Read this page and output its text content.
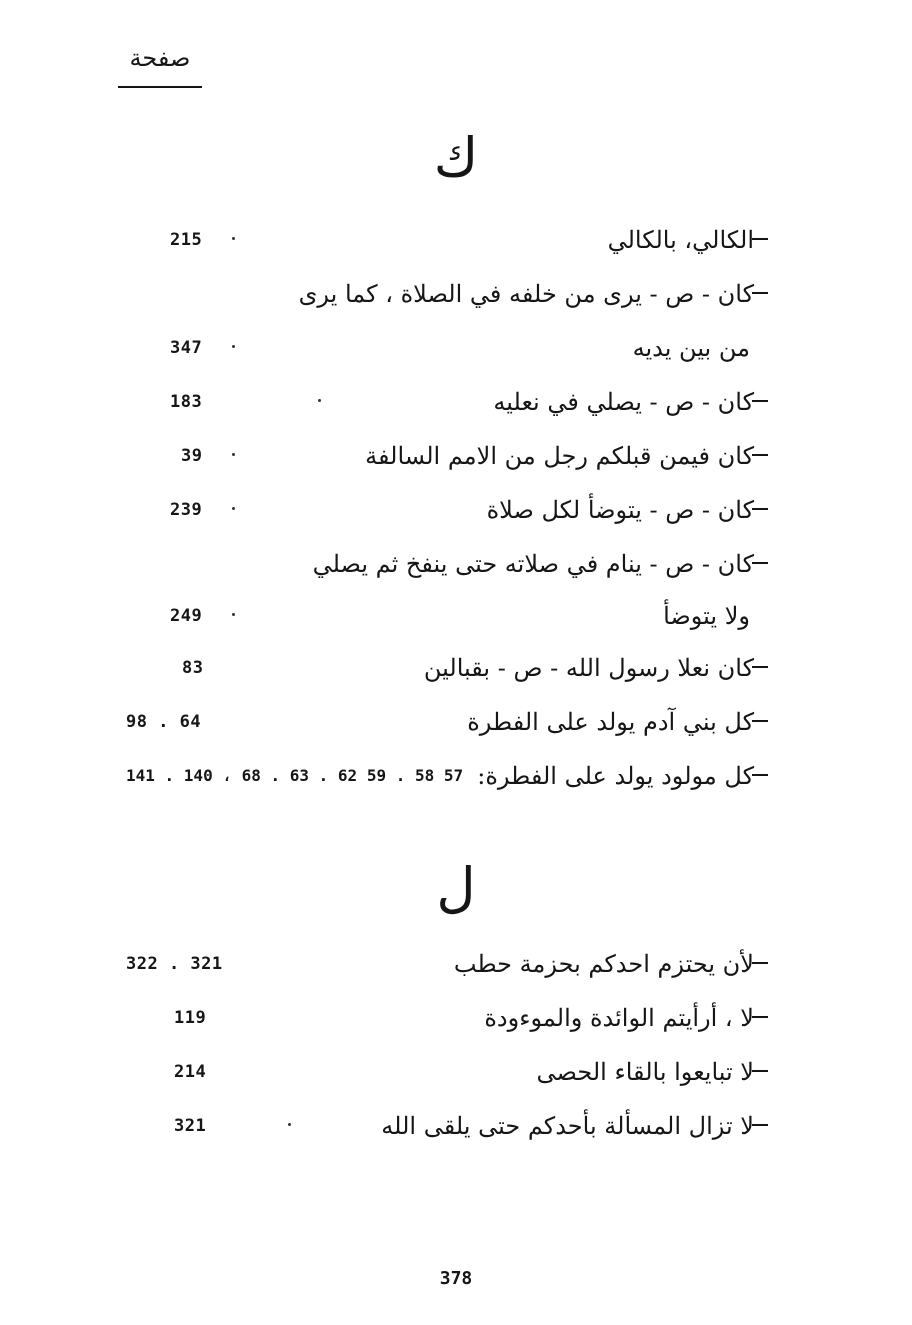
صفحة
ك
الكالي، بالكالي
215
كان - ص - يرى من خلفه في الصلاة ، كما يرى
من بين يديه
347
كان - ص - يصلي في نعليه
183
كان فيمن قبلكم رجل من الامم السالفة
39
كان - ص - يتوضأ لكل صلاة
239
كان - ص - ينام في صلاته حتى ينفخ ثم يصلي
ولا يتوضأ
249
كان نعلا رسول الله - ص - بقبالين
83
كل بني آدم يولد على الفطرة
98 . 64
كل مولود يولد على الفطرة:
141 . 140 ، 68 . 63 . 62 59 . 58 57
ل
لأن يحتزم احدكم بحزمة حطب
322 . 321
لا ، أرأيتم الوائدة والموءودة
119
لا تبايعوا بالقاء الحصى
214
لا تزال المسألة بأحدكم حتى يلقى الله
321
378
